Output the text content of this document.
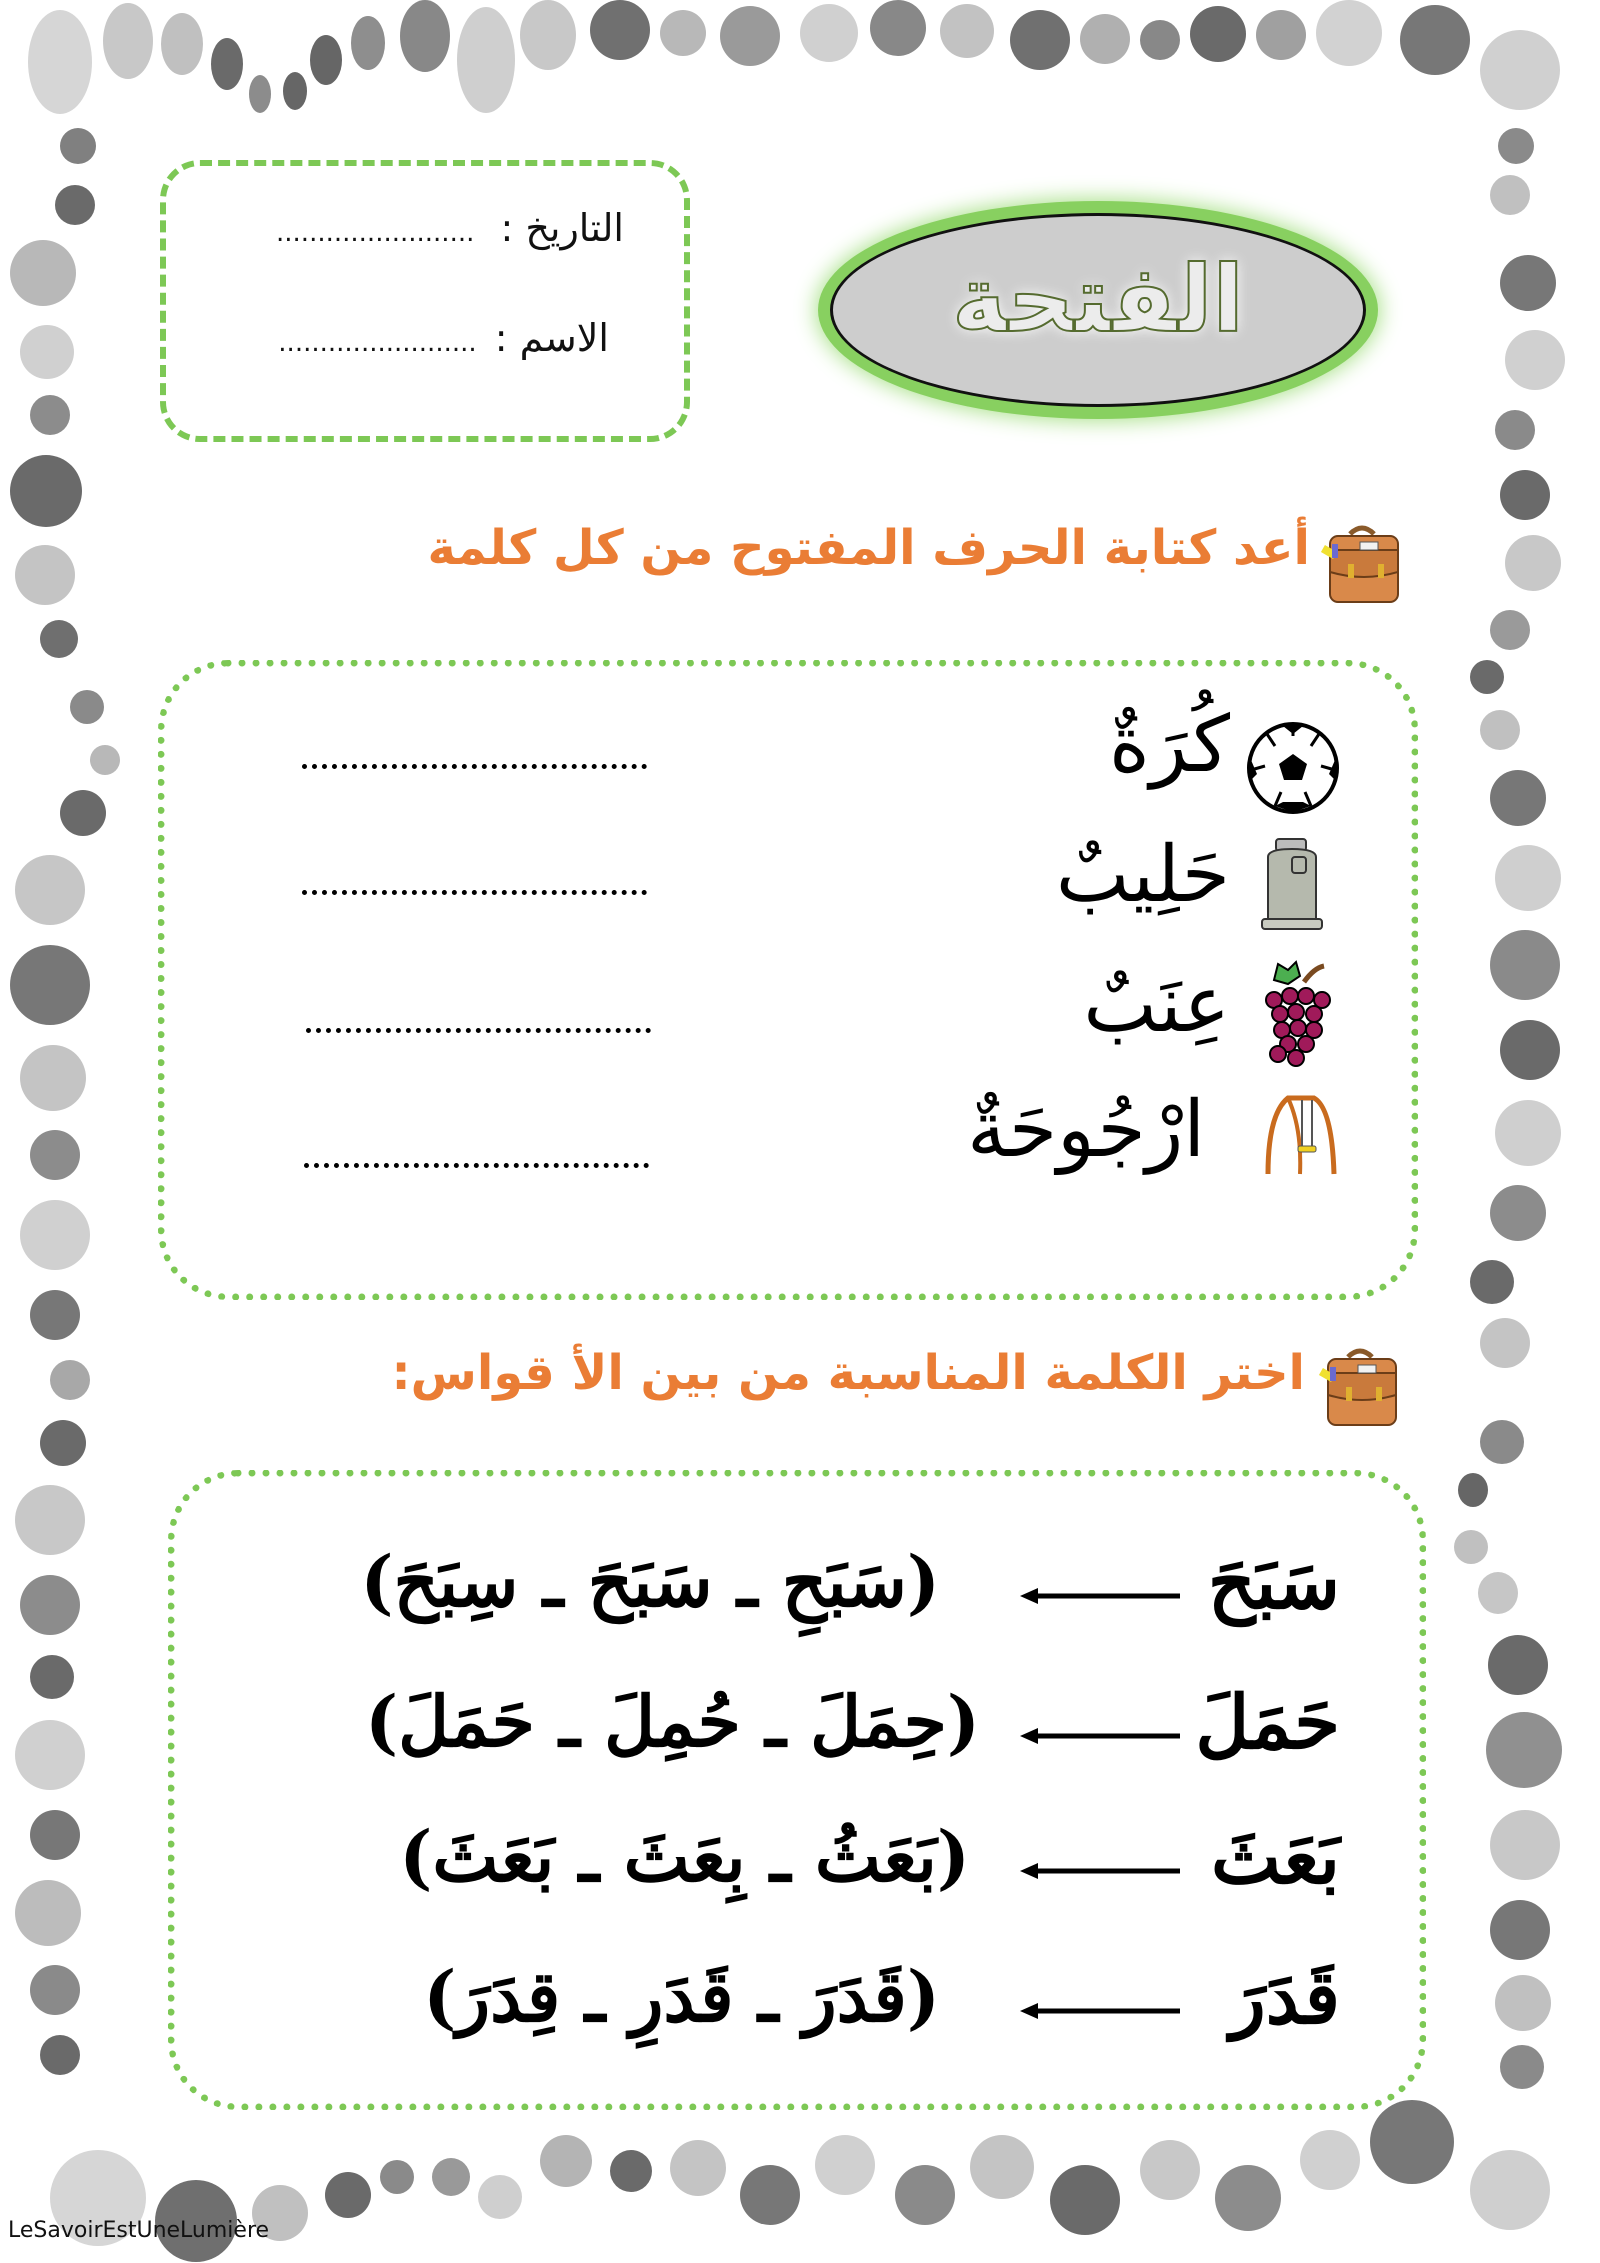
التاريخ : ........................
الاسم : ........................	الفتحة
أعد كتابة الحرف المفتوح من كل كلمة
كُرَةٌ
حَلِيبٌ
عِنَبٌ
ارْجُوحَةٌ
اختر الكلمة المناسبة من بين الأ قواس:
سَبَحَ
(سَبَحِ ـ سَبَحَ ـ سِبَحَ)
حَمَلَ
(حِمَلَ ـ حُمِلَ ـ حَمَلَ)
بَعَثَ
(بَعَثُ ـ بِعَثَ ـ بَعَثَ)
قَدَرَ
(قَدَرَ ـ قَدَرِ ـ قِدَرَ)
LeSavoirEstUneLumière
